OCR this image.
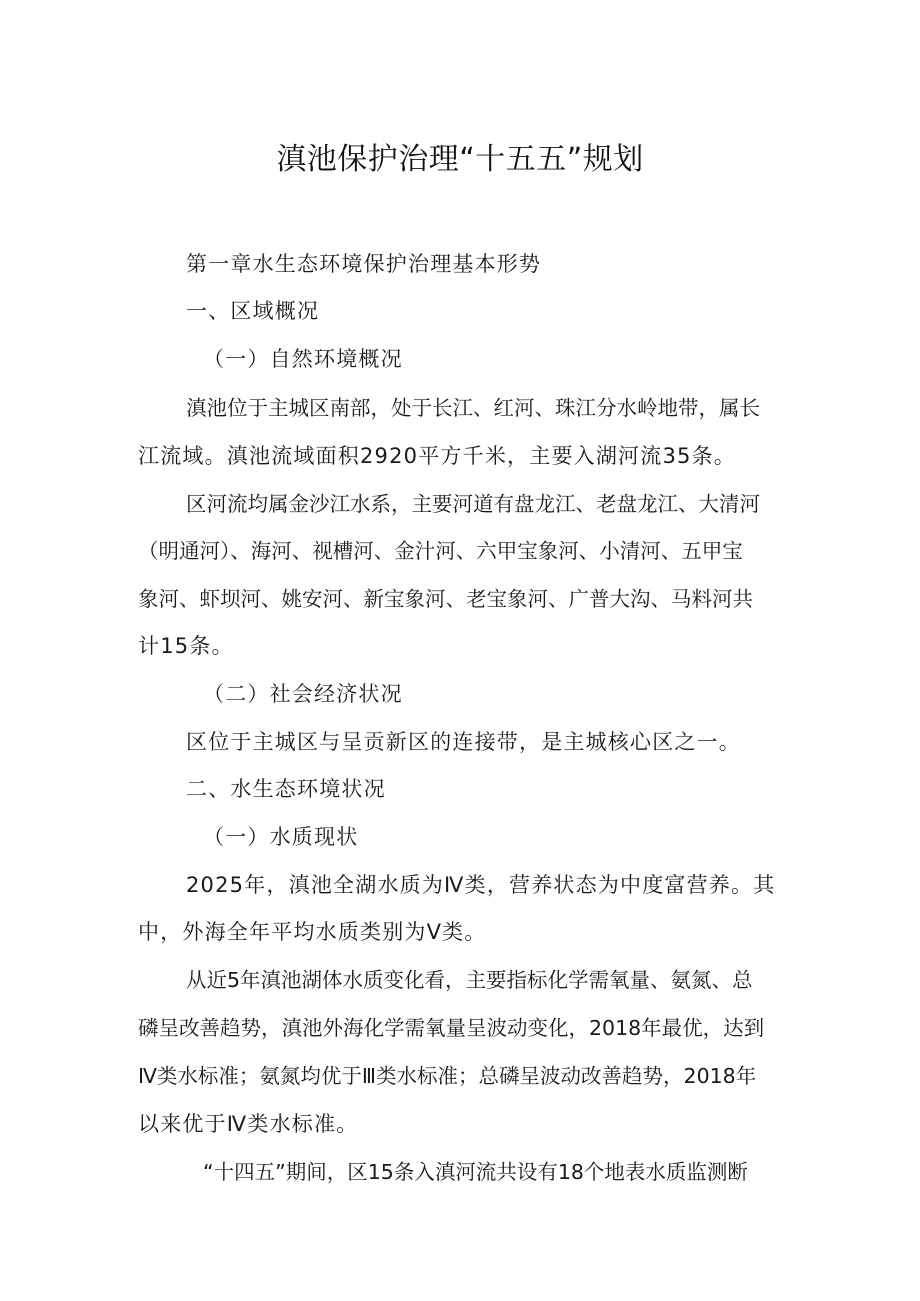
滇池保护治理“十五五”规划

第一章水生态环境保护治理基本形势

一、区域概况

（一）自然环境概况

滇池位于主城区南部，处于长江、红河、珠江分水岭地带，属长

江流域。滇池流域面积2920平方千米，主要入湖河流35条。

区河流均属金沙江水系，主要河道有盘龙江、老盘龙江、大清河

（明通河）、海河、视槽河、金汁河、六甲宝象河、小清河、五甲宝

象河、虾坝河、姚安河、新宝象河、老宝象河、广普大沟、马料河共

计15条。

（二）社会经济状况

区位于主城区与呈贡新区的连接带，是主城核心区之一。

二、水生态环境状况

（一）水质现状

2025年，滇池全湖水质为Ⅳ类，营养状态为中度富营养。其

中，外海全年平均水质类别为Ⅴ类。

从近5年滇池湖体水质变化看，主要指标化学需氧量、氨氮、总

磷呈改善趋势，滇池外海化学需氧量呈波动变化，2018年最优，达到

Ⅳ类水标准；氨氮均优于Ⅲ类水标准；总磷呈波动改善趋势，2018年

以来优于Ⅳ类水标准。

“十四五”期间，区15条入滇河流共设有18个地表水质监测断
